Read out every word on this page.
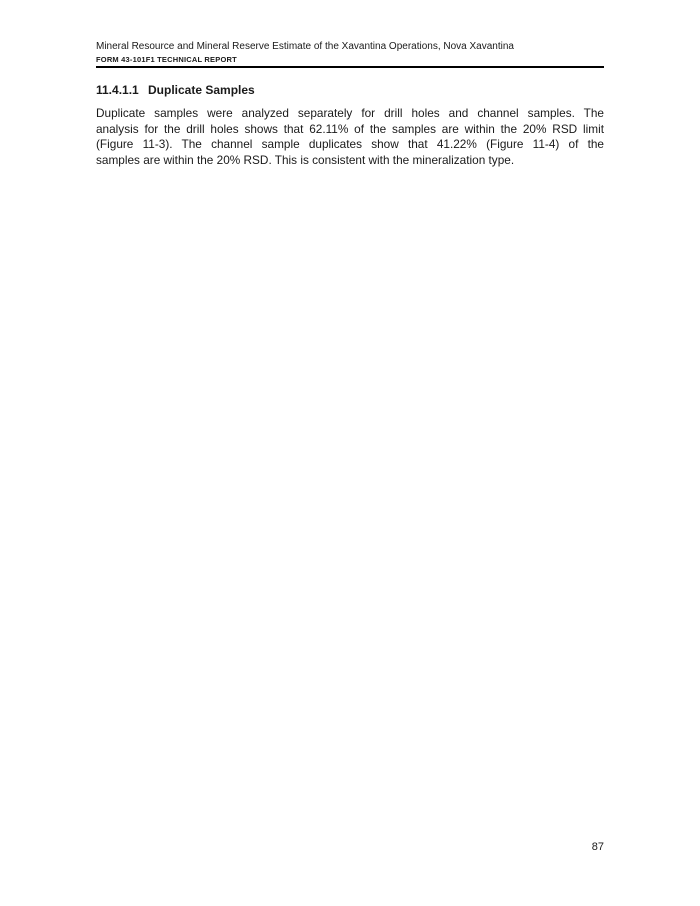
Mineral Resource and Mineral Reserve Estimate of the Xavantina Operations, Nova Xavantina
FORM 43-101F1 TECHNICAL REPORT
11.4.1.1 Duplicate Samples
Duplicate samples were analyzed separately for drill holes and channel samples. The
analysis for the drill holes shows that 62.11% of the samples are within the 20% RSD limit
(Figure 11-3). The channel sample duplicates show that 41.22% (Figure 11-4) of the
samples are within the 20% RSD. This is consistent with the mineralization type.
87
